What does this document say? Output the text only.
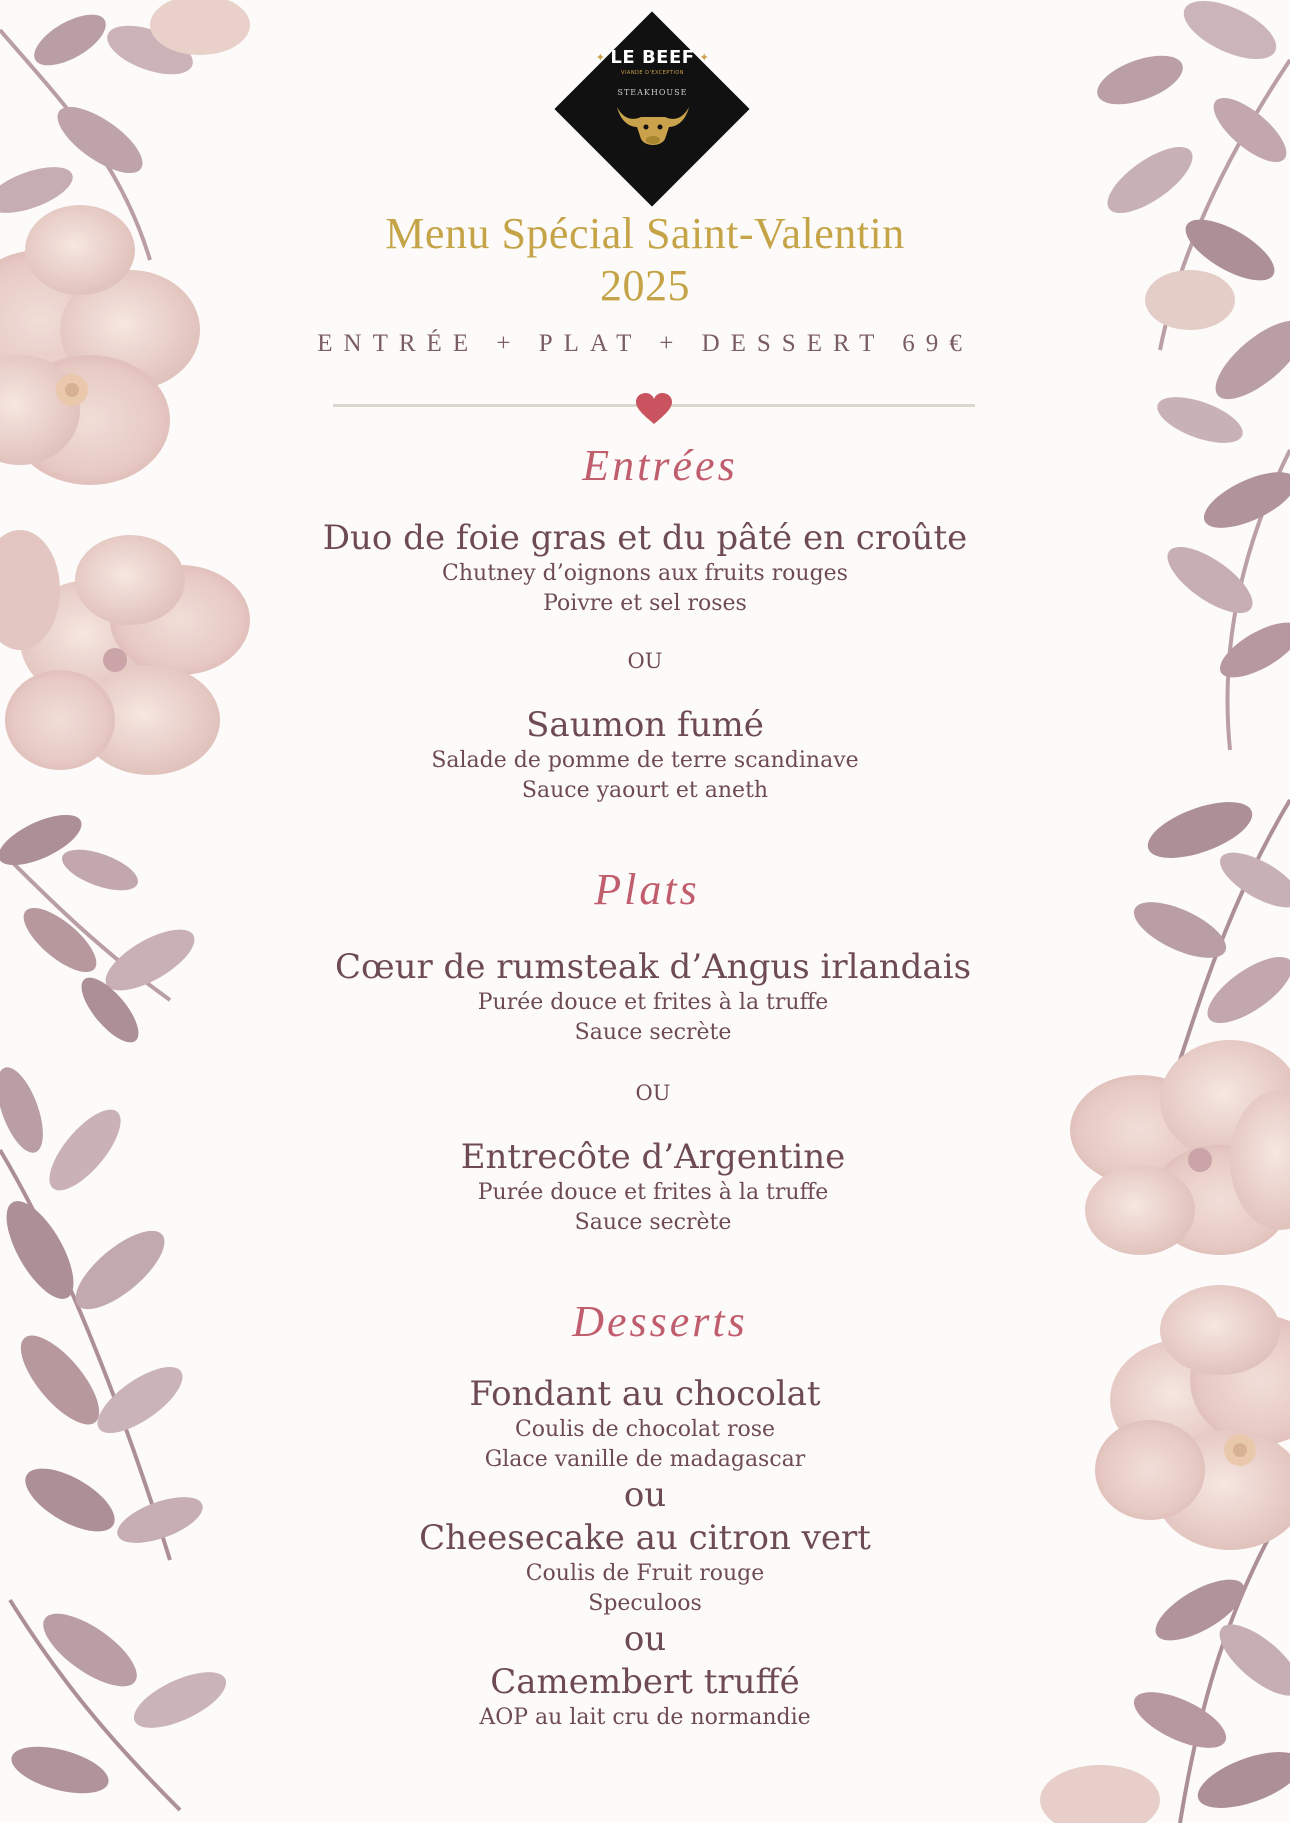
✦ LE BEEF ✦
VIANDE D'EXCEPTION
STEAKHOUSE
Menu Spécial Saint-Valentin
2025
ENTRÉE + PLAT + DESSERT 69€
Entrées
Duo de foie gras et du pâté en croûte
Chutney d’oignons aux fruits rouges
Poivre et sel roses
OU
Saumon fumé
Salade de pomme de terre scandinave
Sauce yaourt et aneth
Plats
Cœur de rumsteak d’Angus irlandais
Purée douce et frites à la truffe
Sauce secrète
OU
Entrecôte d’Argentine
Purée douce et frites à la truffe
Sauce secrète
Desserts
Fondant au chocolat
Coulis de chocolat rose
Glace vanille de madagascar
ou
Cheesecake au citron vert
Coulis de Fruit rouge
Speculoos
ou
Camembert truffé
AOP au lait cru de normandie
